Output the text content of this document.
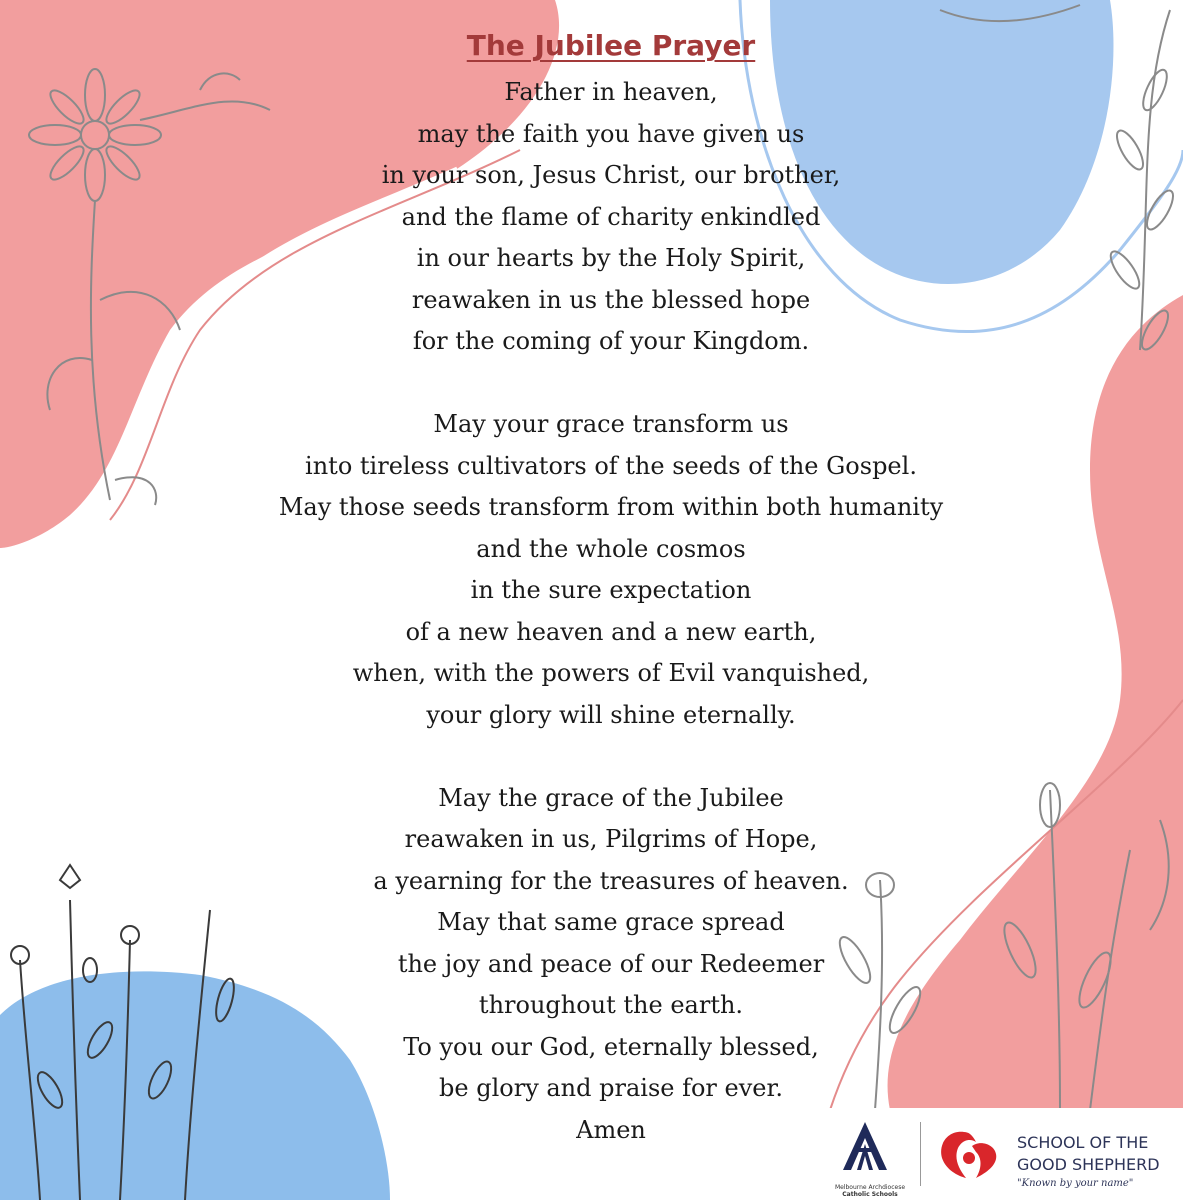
The Jubilee Prayer
Father in heaven,
may the faith you have given us
in your son, Jesus Christ, our brother,
and the flame of charity enkindled
in our hearts by the Holy Spirit,
reawaken in us the blessed hope
for the coming of your Kingdom.
May your grace transform us
into tireless cultivators of the seeds of the Gospel.
May those seeds transform from within both humanity
and the whole cosmos
in the sure expectation
of a new heaven and a new earth,
when, with the powers of Evil vanquished,
your glory will shine eternally.
May the grace of the Jubilee
reawaken in us, Pilgrims of Hope,
a yearning for the treasures of heaven.
May that same grace spread
the joy and peace of our Redeemer
throughout the earth.
To you our God, eternally blessed,
be glory and praise for ever.
Amen
Melbourne Archdiocese
Catholic Schools
SCHOOL OF THE
GOOD SHEPHERD
"Known by your name"
